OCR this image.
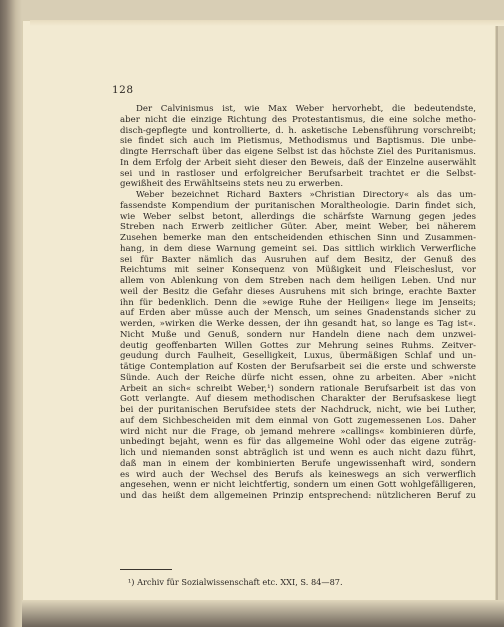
128
Der Calvinismus ist, wie Max Weber hervorhebt, die bedeutendste,
aber nicht die einzige Richtung des Protestantismus, die eine solche metho-
disch-gepflegte und kontrollierte, d. h. asketische Lebensführung vorschreibt;
sie findet sich auch im Pietismus, Methodismus und Baptismus. Die unbe-
dingte Herrschaft über das eigene Selbst ist das höchste Ziel des Puritanismus.
In dem Erfolg der Arbeit sieht dieser den Beweis, daß der Einzelne auserwählt
sei und in rastloser und erfolgreicher Berufsarbeit trachtet er die Selbst-
gewißheit des Erwähltseins stets neu zu erwerben.
Weber bezeichnet Richard Baxters »Christian Directory« als das um-
fassendste Kompendium der puritanischen Moraltheologie. Darin findet sich,
wie Weber selbst betont, allerdings die schärfste Warnung gegen jedes
Streben nach Erwerb zeitlicher Güter. Aber, meint Weber, bei näherem
Zusehen bemerke man den entscheidenden ethischen Sinn und Zusammen-
hang, in dem diese Warnung gemeint sei. Das sittlich wirklich Verwerfliche
sei für Baxter nämlich das Ausruhen auf dem Besitz, der Genuß des
Reichtums mit seiner Konsequenz von Müßigkeit und Fleischeslust, vor
allem von Ablenkung von dem Streben nach dem heiligen Leben. Und nur
weil der Besitz die Gefahr dieses Ausruhens mit sich bringe, erachte Baxter
ihn für bedenklich. Denn die »ewige Ruhe der Heiligen« liege im Jenseits;
auf Erden aber müsse auch der Mensch, um seines Gnadenstands sicher zu
werden, »wirken die Werke dessen, der ihn gesandt hat, so lange es Tag ist«.
Nicht Muße und Genuß, sondern nur Handeln diene nach dem unzwei-
deutig geoffenbarten Willen Gottes zur Mehrung seines Ruhms. Zeitver-
geudung durch Faulheit, Geselligkeit, Luxus, übermäßigen Schlaf und un-
tätige Contemplation auf Kosten der Berufsarbeit sei die erste und schwerste
Sünde. Auch der Reiche dürfe nicht essen, ohne zu arbeiten. Aber »nicht
Arbeit an sich« schreibt Weber,¹) sondern rationale Berufsarbeit ist das von
Gott verlangte. Auf diesem methodischen Charakter der Berufsaskese liegt
bei der puritanischen Berufsidee stets der Nachdruck, nicht, wie bei Luther,
auf dem Sichbescheiden mit dem einmal von Gott zugemessenen Los. Daher
wird nicht nur die Frage, ob jemand mehrere »callings« kombinieren dürfe,
unbedingt bejaht, wenn es für das allgemeine Wohl oder das eigene zuträg-
lich und niemanden sonst abträglich ist und wenn es auch nicht dazu führt,
daß man in einem der kombinierten Berufe ungewissenhaft wird, sondern
es wird auch der Wechsel des Berufs als keineswegs an sich verwerflich
angesehen, wenn er nicht leichtfertig, sondern um einen Gott wohlgefälligeren,
und das heißt dem allgemeinen Prinzip entsprechend: nützlicheren Beruf zu
¹) Archiv für Sozialwissenschaft etc. XXI, S. 84—87.
